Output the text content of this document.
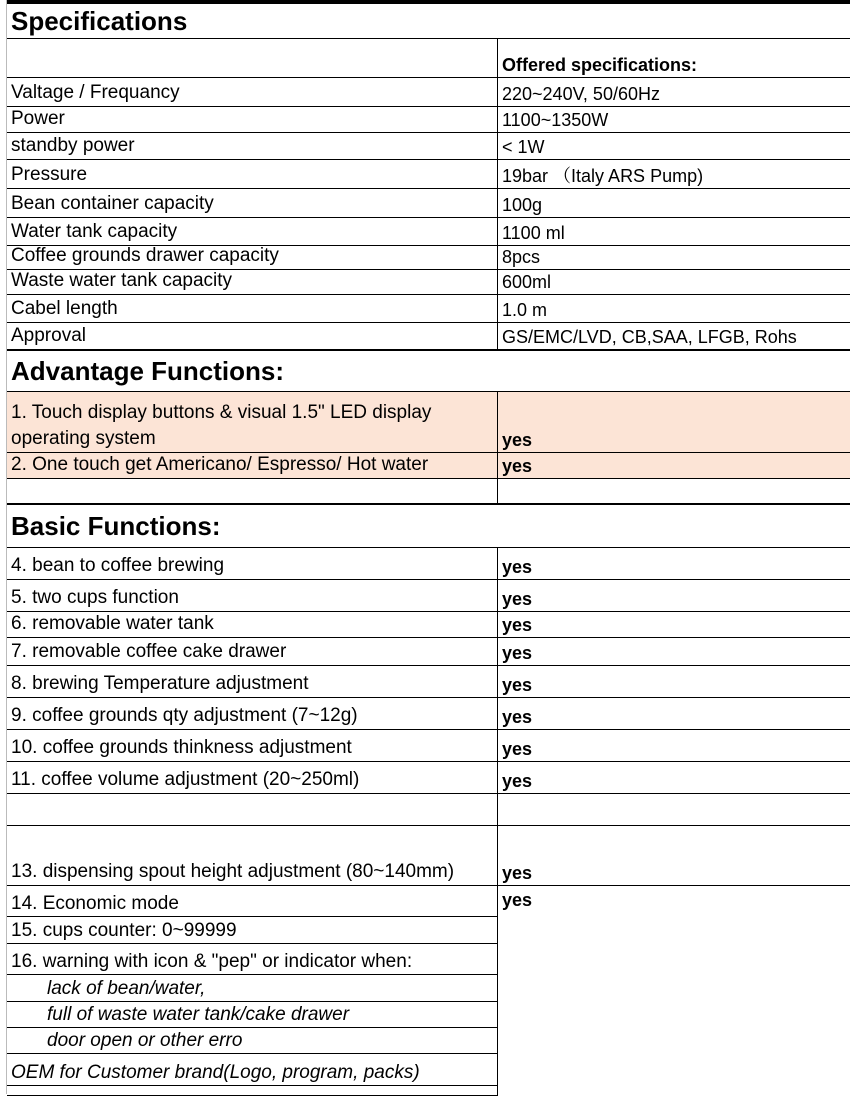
Specifications
Offered specifications:
Valtage / Frequancy	220~240V, 50/60Hz
Power	1100~1350W
standby power	< 1W
Pressure	19bar （Italy ARS Pump)
Bean container capacity	100g
Water tank capacity	1100 ml
Coffee grounds drawer capacity	8pcs
Waste water tank capacity	600ml
Cabel length	1.0 m
Approval	GS/EMC/LVD, CB,SAA, LFGB, Rohs
Advantage Functions:
1. Touch display buttons & visual 1.5" LED display operating system	yes
2. One touch get Americano/ Espresso/ Hot water	yes
Basic Functions:
4. bean to coffee brewing	yes
5. two cups function	yes
6. removable water tank	yes
7. removable coffee cake drawer	yes
8. brewing Temperature adjustment	yes
9. coffee grounds qty adjustment (7~12g)	yes
10. coffee grounds thinkness adjustment	yes
11. coffee volume adjustment (20~250ml)	yes
13. dispensing spout height adjustment (80~140mm)	yes
14. Economic mode	yes
15. cups counter: 0~99999
16. warning with icon & "pep" or indicator when:
lack of bean/water,
full of waste water tank/cake drawer
door open or other erro
OEM for Customer brand(Logo, program, packs)
